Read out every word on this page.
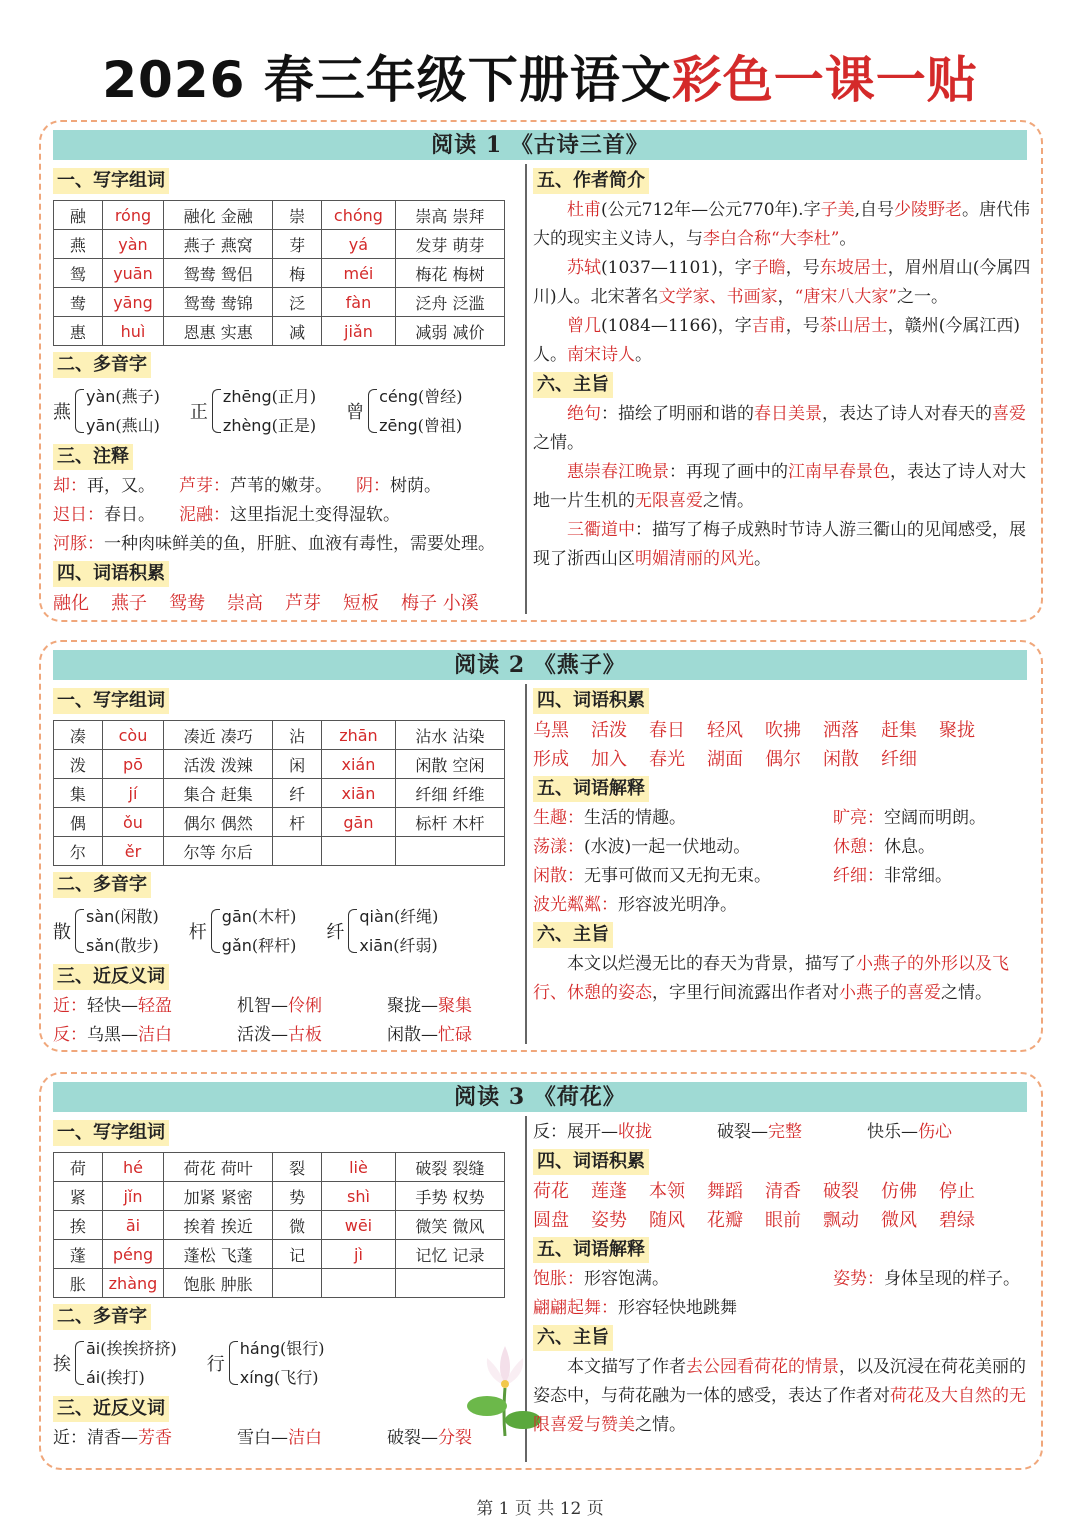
2026 春三年级下册语文彩色一课一贴
阅读 1 《古诗三首》
一、写字组词
融	róng	融化 金融	崇	chóng	崇高 崇拜
燕	yàn	燕子 燕窝	芽	yá	发芽 萌芽
鸳	yuān	鸳鸯 鸳侣	梅	méi	梅花 梅树
鸯	yāng	鸳鸯 鸯锦	泛	fàn	泛舟 泛滥
惠	huì	恩惠 实惠	减	jiǎn	减弱 减价
二、多音字
燕
yàn(燕子)
yān(燕山)
正
zhēng(正月)
zhèng(正是)
曾
céng(曾经)
zēng(曾祖)
三、注释
却：再，又。 芦芽：芦苇的嫩芽。 阴：树荫。
迟日：春日。 泥融：这里指泥土变得湿软。
河豚：一种肉味鲜美的鱼，肝脏、血液有毒性，需要处理。
四、词语积累
融化 燕子 鸳鸯 崇高 芦芽 短板 梅子 小溪
五、作者简介
杜甫(公元712年—公元770年).字子美,自号少陵野老。唐代伟大的现实主义诗人，与李白合称“大李杜”。
苏轼(1037—1101)，字子瞻，号东坡居士，眉州眉山(今属四川)人。北宋著名文学家、书画家，“唐宋八大家”之一。
曾几(1084—1166)，字吉甫，号茶山居士，赣州(今属江西)人。南宋诗人。
六、主旨
绝句：描绘了明丽和谐的春日美景，表达了诗人对春天的喜爱之情。
惠崇春江晚景：再现了画中的江南早春景色，表达了诗人对大地一片生机的无限喜爱之情。
三衢道中：描写了梅子成熟时节诗人游三衢山的见闻感受，展现了浙西山区明媚清丽的风光。
阅读 2 《燕子》
一、写字组词
凑	còu	凑近 凑巧	沾	zhān	沾水 沾染
泼	pō	活泼 泼辣	闲	xián	闲散 空闲
集	jí	集合 赶集	纤	xiān	纤细 纤维
偶	ǒu	偶尔 偶然	杆	gān	标杆 木杆
尔	ěr	尔等 尔后			
二、多音字
散
sàn(闲散)
sǎn(散步)
杆
gān(木杆)
gǎn(秤杆)
纤
qiàn(纤绳)
xiān(纤弱)
三、近反义词
近： 轻快—轻盈	机智—伶俐	聚拢—聚集
反： 乌黑—洁白	活泼—古板	闲散—忙碌
四、词语积累
乌黑 活泼 春日 轻风 吹拂 洒落 赶集 聚拢
形成 加入 春光 湖面 偶尔 闲散 纤细
五、词语解释
生趣：生活的情趣。	旷亮：空阔而明朗。
荡漾：(水波)一起一伏地动。	休憩：休息。
闲散：无事可做而又无拘无束。	纤细：非常细。
波光粼粼：形容波光明净。
六、主旨
本文以烂漫无比的春天为背景，描写了小燕子的外形以及飞行、休憩的姿态，字里行间流露出作者对小燕子的喜爱之情。
阅读 3 《荷花》
一、写字组词
荷	hé	荷花 荷叶	裂	liè	破裂 裂缝
紧	jǐn	加紧 紧密	势	shì	手势 权势
挨	āi	挨着 挨近	微	wēi	微笑 微风
蓬	péng	蓬松 飞蓬	记	jì	记忆 记录
胀	zhàng	饱胀 肿胀			
二、多音字
挨
āi(挨挨挤挤)
ái(挨打)
行
háng(银行)
xíng(飞行)
三、近反义词
近： 清香—芳香	雪白—洁白	破裂—分裂
反： 展开—收拢	破裂—完整	快乐—伤心
四、词语积累
荷花 莲蓬 本领 舞蹈 清香 破裂 仿佛 停止
圆盘 姿势 随风 花瓣 眼前 飘动 微风 碧绿
五、词语解释
饱胀：形容饱满。	姿势：身体呈现的样子。
翩翩起舞：形容轻快地跳舞
六、主旨
本文描写了作者去公园看荷花的情景，以及沉浸在荷花美丽的姿态中，与荷花融为一体的感受，表达了作者对荷花及大自然的无限喜爱与赞美之情。
第 1 页 共 12 页
